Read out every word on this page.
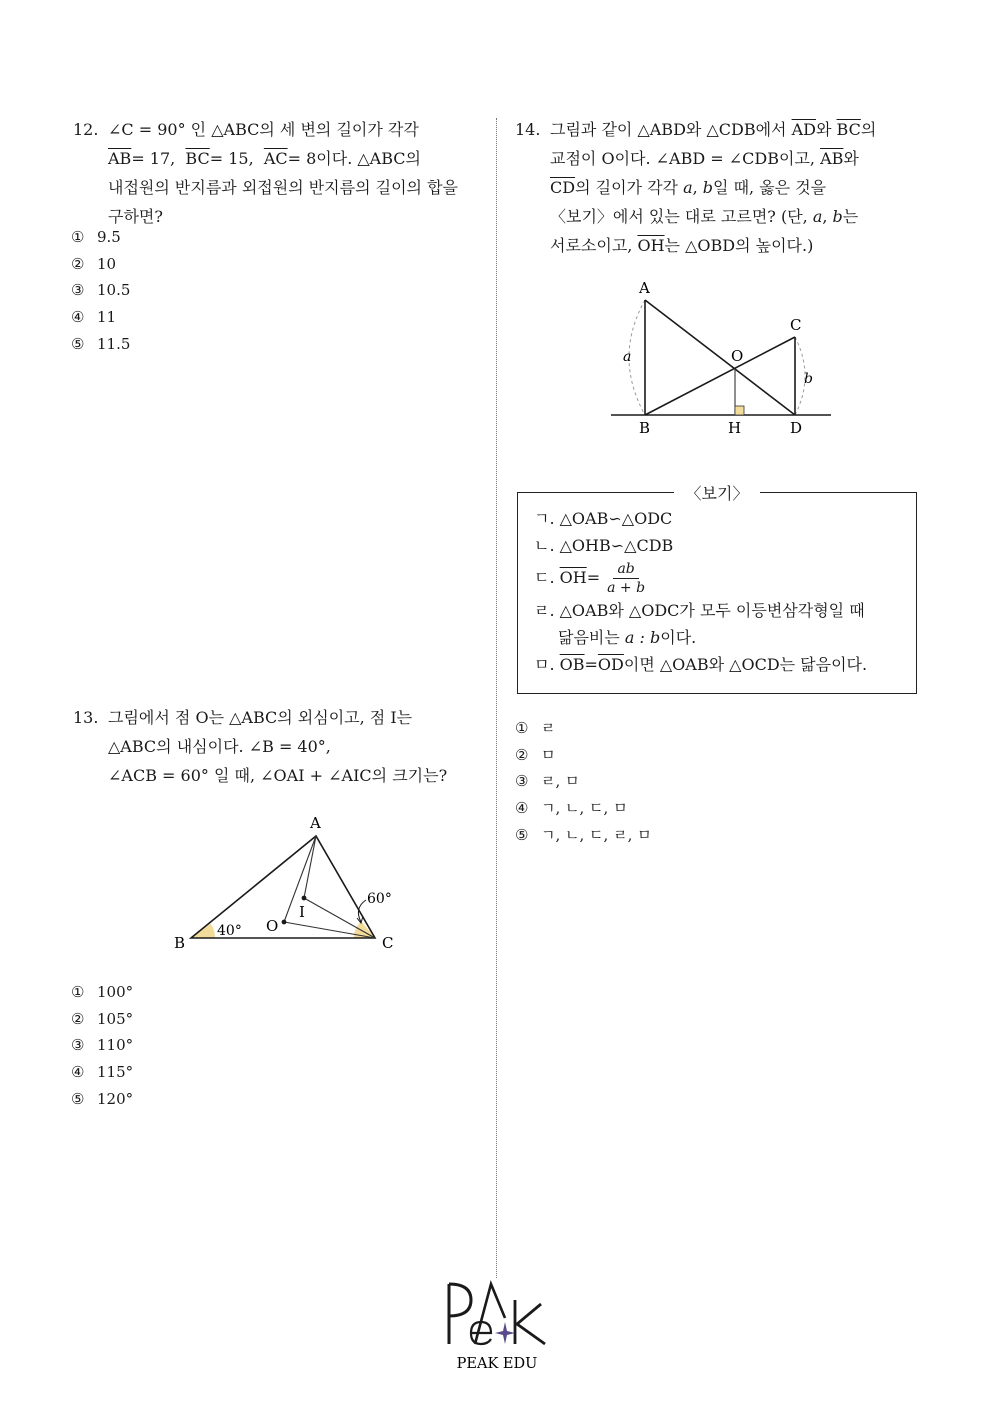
12. ∠C = 90° 인 △ABC의 세 변의 길이가 각각
$\overline{AB}= 17$, $\overline{BC}= 15$, $\overline{AC}= 8$이다. △ABC의
내접원의 반지름과 외접원의 반지름의 길이의 합을
구하면?
① 9.5
② 10
③ 10.5
④ 11
⑤ 11.5
13. 그림에서 점 O는 △ABC의 외심이고, 점 I는
△ABC의 내심이다. ∠B = 40°,
∠ACB = 60° 일 때, ∠OAI + ∠AIC의 크기는?
A
B	C
O
I
40°
60°
① 100°
② 105°
③ 110°
④ 115°
⑤ 120°
14. 그림과 같이 △ABD와 △CDB에서 $\overline{AD}$와 $\overline{BC}$의
교점이 O이다. ∠ABD = ∠CDB이고, $\overline{AB}$와
$\overline{CD}$의 길이가 각각 a, b일 때, 옳은 것을
〈보기〉에서 있는 대로 고르면? (단, a, b는
서로소이고, $\overline{OH}$는 △OBD의 높이다.)
A
C
O
B	H	D
a
b
〈보기〉
ㄱ. △OAB∽△ODC
ㄴ. △OHB∽△CDB
ㄷ. $\overline{OH}= \frac{ab}{a + b}$
ㄹ. △OAB와 △ODC가 모두 이등변삼각형일 때
닮음비는 a : b이다.
ㅁ. $\overline{OB}=\overline{OD}$이면 △OAB와 △OCD는 닮음이다.
① ㄹ
② ㅁ
③ ㄹ, ㅁ
④ ㄱ, ㄴ, ㄷ, ㅁ
⑤ ㄱ, ㄴ, ㄷ, ㄹ, ㅁ
PEAK EDU
